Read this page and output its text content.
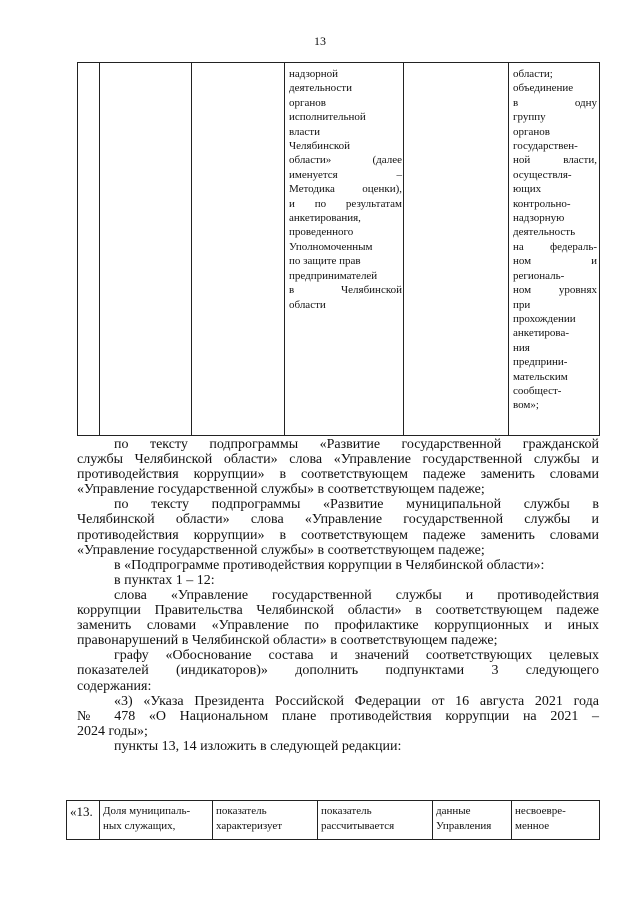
13
надзорной
деятельности
органов
исполнительной
власти
Челябинской
области» (далее
именуется –
Методика оценки),
и по результатам
анкетирования,
проведенного
Уполномоченным
по защите прав
предпринимателей
в Челябинской
области
области;
объединение
в одну
группу
органов
государствен-
ной власти,
осуществля-
ющих
контрольно-
надзорную
деятельность
на федераль-
ном и
региональ-
ном уровнях
при
прохождении
анкетирова-
ния
предприни-
мательским
сообщест-
вом»;
по тексту подпрограммы «Развитие государственной гражданской
службы Челябинской области» слова «Управление государственной службы и
противодействия коррупции» в соответствующем падеже заменить словами
«Управление государственной службы» в соответствующем падеже;
по тексту подпрограммы «Развитие муниципальной службы в
Челябинской области» слова «Управление государственной службы и
противодействия коррупции» в соответствующем падеже заменить словами
«Управление государственной службы» в соответствующем падеже;
в «Подпрограмме противодействия коррупции в Челябинской области»:
в пунктах 1 – 12:
слова «Управление государственной службы и противодействия
коррупции Правительства Челябинской области» в соответствующем падеже
заменить словами «Управление по профилактике коррупционных и иных
правонарушений в Челябинской области» в соответствующем падеже;
графу «Обоснование состава и значений соответствующих целевых
показателей (индикаторов)» дополнить подпунктами 3 следующего
содержания:
«3) «Указа Президента Российской Федерации от 16 августа 2021 года
№ 478 «О Национальном плане противодействия коррупции на 2021 –
2024 годы»;
пункты 13, 14 изложить в следующей редакции:
«13. Доля муниципаль-
ных служащих,
показатель
характеризует
показатель
рассчитывается
данные
Управления
несвоевре-
менное
